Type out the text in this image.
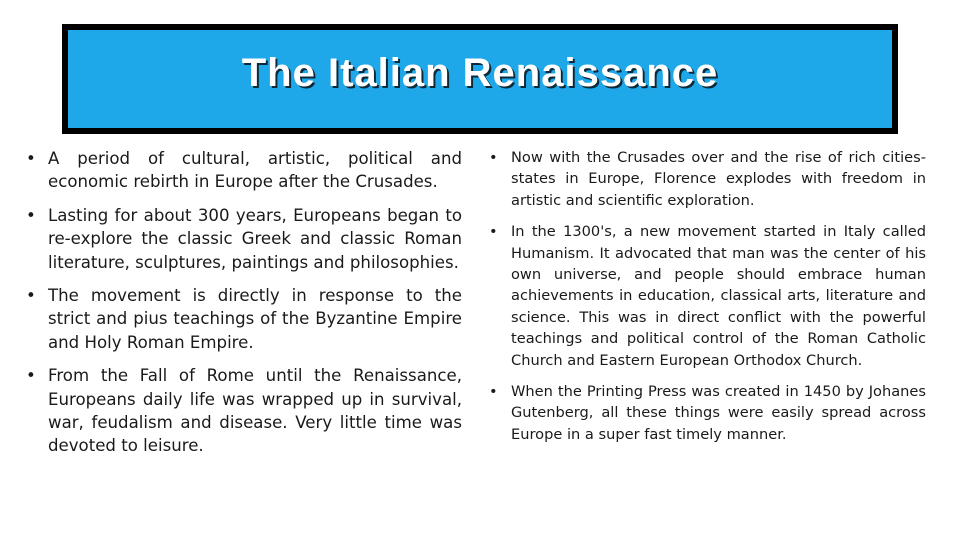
The Italian Renaissance
• A period of cultural, artistic, political and economic rebirth in Europe after the Crusades.
• Lasting for about 300 years, Europeans began to re-explore the classic Greek and classic Roman literature, sculptures, paintings and philosophies.
• The movement is directly in response to the strict and pius teachings of the Byzantine Empire and Holy Roman Empire.
• From the Fall of Rome until the Renaissance, Europeans daily life was wrapped up in survival, war, feudalism and disease. Very little time was devoted to leisure.
• Now with the Crusades over and the rise of rich cities-states in Europe, Florence explodes with freedom in artistic and scientific exploration.
• In the 1300's, a new movement started in Italy called Humanism. It advocated that man was the center of his own universe, and people should embrace human achievements in education, classical arts, literature and science. This was in direct conflict with the powerful teachings and political control of the Roman Catholic Church and Eastern European Orthodox Church.
• When the Printing Press was created in 1450 by Johanes Gutenberg, all these things were easily spread across Europe in a super fast timely manner.
